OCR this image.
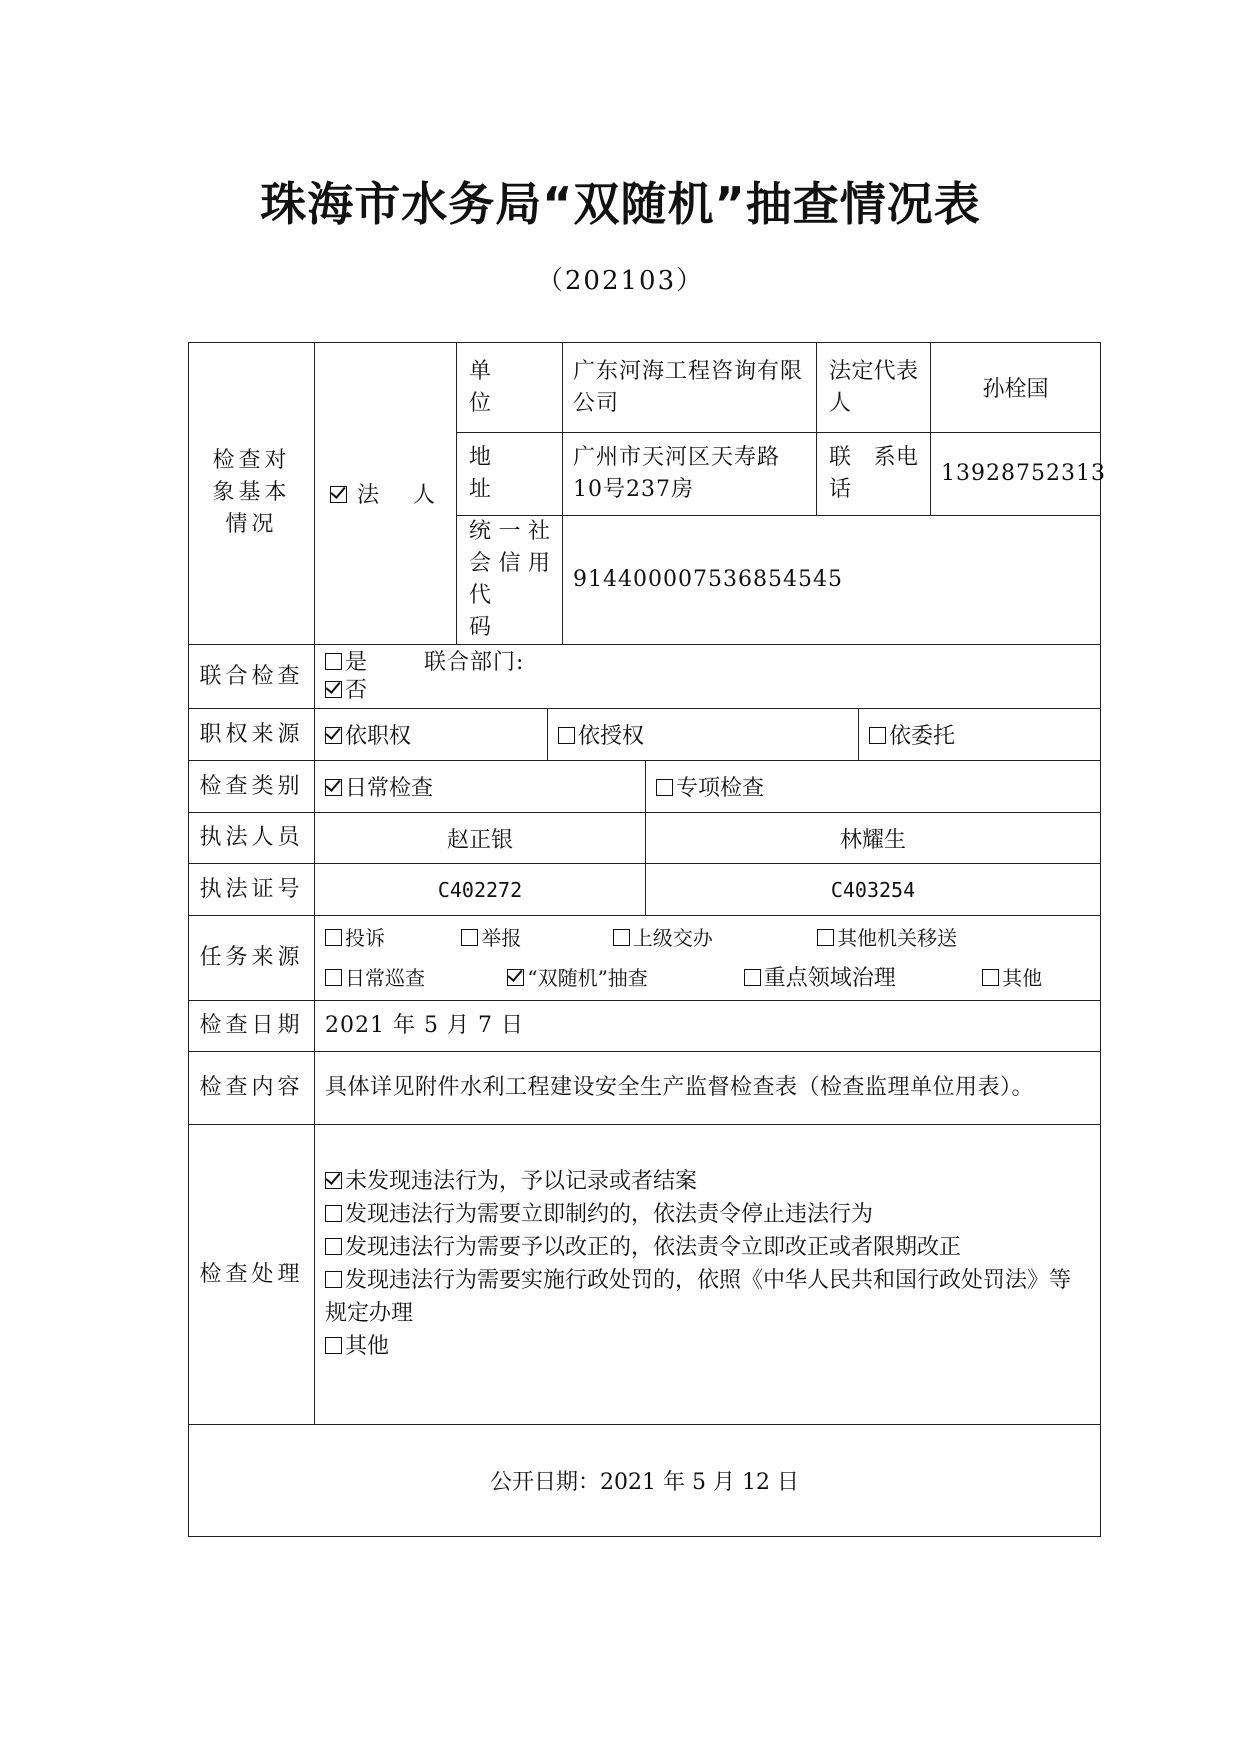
珠海市水务局“双随机”抽查情况表
（202103）
检查对象基本情况	法　人	单　　位	广东河海工程咨询有限公司	法定代表　　人	孙栓国
地　　址	广州市天河区天寿路10号237房	联　系电　话	13928752313
统一社会信用代　　码	914400007536854545
联合检查	
是	联合部门:
否

职权来源	依职权	依授权	依委托

检查类别	日常检查	专项检查

执法人员		赵正银	林耀生

执法证号		C402272	C403254

任务来源	
投诉	举报	上级交办	其他机关移送
日常巡查	“双随机”抽查	重点领域治理	其他

检查日期	2021 年 5 月 7 日
检查内容	具体详见附件水利工程建设安全生产监督检查表（检查监理单位用表）。
检查处理	
未发现违法行为，予以记录或者结案
发现违法行为需要立即制约的，依法责令停止违法行为
发现违法行为需要予以改正的，依法责令立即改正或者限期改正
发现违法行为需要实施行政处罚的，依照《中华人民共和国行政处罚法》等规定办理
其他

公开日期：2021 年 5 月 12 日
